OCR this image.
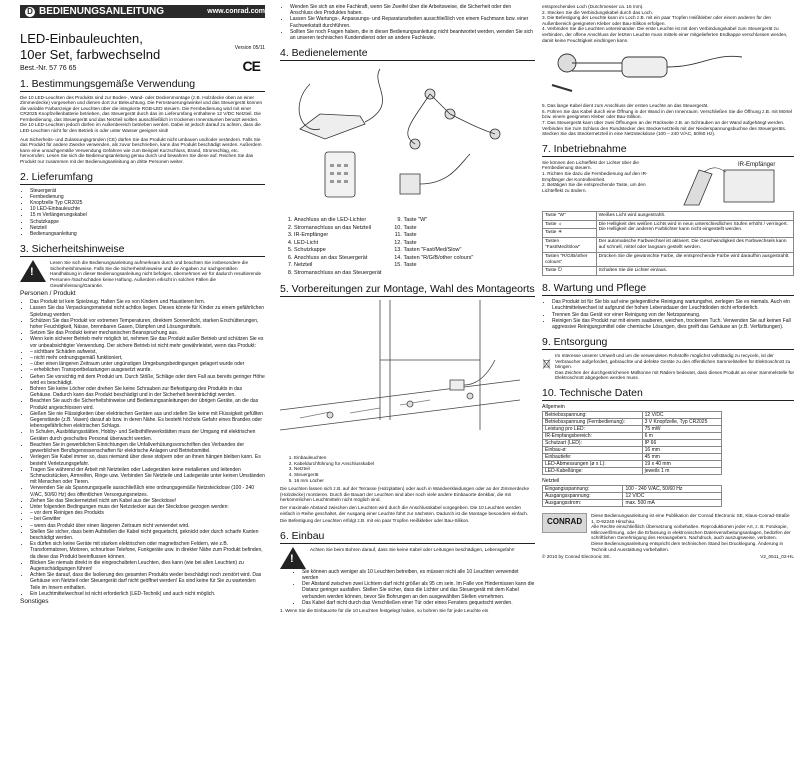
D BEDIENUNGSANLEITUNG	www.conrad.com
Version 05/11
CE
LED-Einbauleuchten,
10er Set, farbwechselnd
Best.-Nr. 57 76 65
1. Bestimmungsgemäße Verwendung
Die 10 LED-Leuchten des Produkts sind zur Boden-, Wand- oder Deckenmontage (z.B. Holzdecke oben an einer Zimmerdecke) vorgesehen und dienen dort zur Beleuchtung. Die Fernsteuerungswinkel und das Steuergerät können die variable Farbanzeige der Leuchten über die integrierte RGB-LED steuern. Die Fernbedienung wird mit einer CR2025 Knopfzellenbatterie betrieben, das Steuergerät durch das im Lieferumfang enthaltene 12 V/DC Netzteil. Die Fernbedienung, das Steuergerät und das Netzteil sollten ausschließlich in trockenen Innenräumen benutzt werden. Die 10 LED-Leuchten jedoch dürfen im Außenbereich betrieben werden. Dabei ist jedoch darauf zu achten, dass die LED-Leuchten nicht für den Betrieb in oder unter Wasser geeignet sind!
Aus Sicherheits- und Zulassungsgründen (CE) dürfen Sie das Produkt nicht umbauen und/oder verändern. Falls Sie das Produkt für andere Zwecke verwenden, als zuvor beschrieben, kann das Produkt beschädigt werden. Außerdem kann eine unsachgemäße Verwendung Gefahren wie zum Beispiel Kurzschluss, Brand, Stromschlag, etc. hervorrufen. Lesen Sie sich die Bedienungsanleitung genau durch und bewahren Sie diese auf. Reichen Sie das Produkt nur zusammen mit der Bedienungsanleitung an dritte Personen weiter.
2. Lieferumfang
• Steuergerät
• Fernbedienung
• Knopfzelle Typ CR2025
• 10 LED-Einbauleuchte
• 15 m Verlängerungskabel
• Schutzkappe
• Netzteil
• Bedienungsanleitung
3. Sicherheitshinweise
!
Lesen Sie sich die Bedienungsanleitung aufmerksam durch und beachten Sie insbesondere die Sicherheitshinweise. Falls Sie die Sicherheitshinweise und die Angaben zur sachgemäßen Handhabung in dieser Bedienungsanleitung nicht befolgen, übernehmen wir für dadurch resultierende Personen-/Sachschäden keine Haftung. Außerdem erlischt in solchen Fällen die Gewährleistung/Garantie.
Personen / Produkt
• Das Produkt ist kein Spielzeug. Halten Sie es von Kindern und Haustieren fern.
• Lassen Sie das Verpackungsmaterial nicht achtlos liegen. Dieses könnte für Kinder zu einem gefährlichen Spielzeug werden.
• Schützen Sie das Produkt vor extremen Temperaturen, direktem Sonnenlicht, starken Erschütterungen, hoher Feuchtigkeit, Nässe, brennbaren Gasen, Dämpfen und Lösungsmitteln.
• Setzen Sie das Produkt keiner mechanischen Beanspruchung aus.
• Wenn kein sicherer Betrieb mehr möglich ist, nehmen Sie das Produkt außer Betrieb und schützen Sie es vor unbeabsichtigter Verwendung. Der sichere Betrieb ist nicht mehr gewährleistet, wenn das Produkt:
• – sichtbare Schäden aufweist,
• – nicht mehr ordnungsgemäß funktioniert,
• – über einen längeren Zeitraum unter ungünstigen Umgebungsbedingungen gelagert wurde oder
• – erheblichen Transportbelastungen ausgesetzt wurde.
• Gehen Sie vorsichtig mit dem Produkt um. Durch Stöße, Schläge oder dem Fall aus bereits geringer Höhe wird es beschädigt.
• Bohren Sie keine Löcher oder drehen Sie keine Schrauben zur Befestigung des Produkts in das Gehäuse. Dadurch kann das Produkt beschädigt und in der Sicherheit beeinträchtigt werden.
• Beachten Sie auch die Sicherheitshinweise und Bedienungsanleitungen der übrigen Geräte, an die das Produkt angeschlossen wird.
• Gießen Sie nie Flüssigkeiten über elektrischen Geräten aus und stellen Sie keine mit Flüssigkeit gefüllten Gegenstände (z.B. Vasen) darauf ab bzw. in deren Nähe. Es besteht höchste Gefahr eines Brandes oder lebensgefährlichen elektrischen Schlags.
• In Schulen, Ausbildungsstätten, Hobby- und Selbsthilfewerkstätten muss der Umgang mit elektrischen Geräten durch geschultes Personal überwacht werden.
• Beachten Sie in gewerblichen Einrichtungen die Unfallverhütungsvorschriften des Verbandes der gewerblichen Berufsgenossenschaften für elektrische Anlagen und Betriebsmittel.
• Verlegen Sie Kabel immer so, dass niemand über diese stolpern oder an ihnen hängen bleiben kann. Es besteht Verletzungsgefahr.
• Tragen Sie während der Arbeit mit Netzteilen oder Ladegeräten keine metallenen und leitenden Schmuckstücken, Armreifen, Ringe usw. Verbinden Sie Netzteile und Ladegeräte unter keinen Umständen mit Menschen oder Tieren.
• Verwenden Sie als Spannungsquelle ausschließlich eine ordnungsgemäße Netzsteckdose (100 - 240 V/AC, 50/60 Hz) des öffentlichen Versorgungsnetzes.
• Ziehen Sie das Steckernetzteil nicht am Kabel aus der Steckdose!
• Unter folgenden Bedingungen muss der Netzstecker aus der Steckdose gezogen werden:
• – vor dem Reinigen des Produkts
• – bei Gewitter
• – wenn das Produkt über einen längeren Zeitraum nicht verwendet wird.
• Stellen Sie sicher, dass beim Aufstellen die Kabel nicht gequetscht, geknickt oder durch scharfe Kanten beschädigt werden.
• Es dürfen sich keine Geräte mit starken elektrischen oder magnetischen Feldern, wie z.B. Transformatoren, Motoren, schnurlose Telefone, Funkgeräte usw. in direkter Nähe zum Produkt befinden, da diese das Produkt beeinflussen können.
• Blicken Sie niemals direkt in die eingeschalteten Leuchten, dies kann (wie bei allen Leuchten) zu Augenschädigungen führen!
• Achten Sie darauf, dass die Isolierung des gesamten Produkts weder beschädigt noch zerstört wird. Das Gehäuse von Netzteil oder Steuergerät darf nicht geöffnet werden! Es sind keine für Sie zu wartenden Teile im Innern enthalten.
• Ein Leuchtmittelwechsel ist nicht erforderlich (LED-Technik) und auch nicht möglich.
Sonstiges
• Wenden Sie sich an eine Fachkraft, wenn Sie Zweifel über die Arbeitsweise, die Sicherheit oder den Anschluss des Produktes haben.
• Lassen Sie Wartungs-, Anpassungs- und Reparaturarbeiten ausschließlich von einem Fachmann bzw. einer Fachwerkstatt durchführen.
• Sollten Sie noch Fragen haben, die in dieser Bedienungsanleitung nicht beantwortet werden, wenden Sie sich an unseren technischen Kundendienst oder an andere Fachleute.
4. Bedienelemente
1. Anschluss an die LED-Lichter
2. Stromanschluss an das Netzteil
3. IR-Empfänger
4. LED-Licht
5. Schutzkappe
6. Anschluss an das Steuergerät
7. Netzteil
8. Stromanschluss an das Steuergerät
9. Taste "W"
10. Taste
11. Taste
12. Taste
13. Tasten "Fast/Med/Slow"
14. Tasten "R/G/B/other colours"
15. Taste
5. Vorbereitungen zur Montage, Wahl des Montageorts
1. Einbauleuchten
2. Kabeldurchführung für Anschlusskabel
3. Netzteil
4. Steuergerät
5. 16 mm Löcher
Die Leuchten lassen sich z.B. auf der Terrasse (Holzplatten) oder auch in Wandverkleidungen oder an der Zimmerdecke (Holzdecke) montieren. Durch die Bauart der Leuchten sind aber noch viele andere Einbauorte denkbar, die mit herkömmlichen Leuchtmitteln nicht möglich sind.
Der maximale Abstand zwischen den Leuchten wird durch die Anschlusskabel vorgegeben. Die 10 Leuchten werden einfach in Reihe geschaltet, der Ausgang einer Leuchte führt zur nächsten. Dadurch ist die Montage besonders einfach.
Die Befestigung der Leuchten erfolgt z.B. mit ein paar Tropfen Heißkleber oder Bau-Silikon.
6. Einbau
!
Achten Sie beim Bohren darauf, dass Sie keine Kabel oder Leitungen beschädigen, Lebensgefahr!
• Sie können auch weniger als 10 Leuchten betreiben, es müssen nicht alle 10 Leuchten verwendet werden
• Der Abstand zwischen zwei Lichtern darf nicht größer als 95 cm sein. Im Falle von Hindernissen kann die Distanz geringer ausfallen. Stellen Sie sicher, dass die Lichter und das Steuergerät mit dem Kabel verbunden werden können, bevor Sie Bohrungen an den ausgewählten Stellen vornehmen.
• Das Kabel darf nicht durch das Verschließen einer Tür oder eines Fensters gequetscht werden.
1. Wenn Sie die Einbauorte für die 10 Leuchten festgelegt haben, so bohren Sie für jede Leuchte ein
entsprechendes Loch (Durchmesser ca. 16 mm).
2. Stecken Sie die Verbindungskabel durch das Loch.
3. Die Befestigung der Leuchte kann im Loch z.B. mit ein paar Tropfen Heißkleber oder einem anderen für den Außenbereich geeigneten Kleber oder Bau-Silikon erfolgen.
4. Verbinden Sie die Leuchten untereinander. Die erste Leuchte ist mit dem Verbindungskabel zum Steuergerät zu verbinden, der offene Anschluss der letzten Leuchte muss mittels einer mitgelieferten Endkappe verschlossen werden, damit keine Feuchtigkeit eindringen kann.
5. Das lange Kabel dient zum Anschluss der ersten Leuchte an das Steuergerät.
6. Führen Sie das Kabel durch eine Öffnung in der Wand in den Innenraum. Verschließen Sie die Öffnung z.B. mit Mörtel bzw. einem geeigneten Kleber oder Bau-Silikon.
7. Das Steuergerät kann über zwei Öffnungen an der Rückseite z.B. an Schrauben an der Wand aufgehängt werden. Verbinden Sie zum Schluss den Rundstecker des Steckernetzteils mit der Niederspannungsbuchse des Steuergeräts. Stecken Sie das Steckernetzteil in eine Netzsteckdose (100 – 240 V/AC, 50/60 Hz).
7. Inbetriebnahme
Sie können den Lichteffekt der Lichter über die Fernbedienung steuern.
1. Richten Sie dazu die Fernbedienung auf den IR-Empfänger der Kontrolleinheit.
2. Betätigen Sie die entsprechende Taste, um den Lichteffekt zu ändern.
IR-Empfänger
Taste "W"	Weißes Licht wird ausgestrahlt.
Taste ☼	Die Helligkeit des weißen Lichts wird in neun unterschiedlichen Stufen erhöht / verringert. Die Helligkeit der anderen Farblichter kann nicht eingestellt werden.
Taste ☀	
Tasten "Fast/Med/Slow"	Der automatische Farbwechsel ist aktiviert. Die Geschwindigkeit des Farbwechsels kann auf schnell, mittel oder langsam gestellt werden.
Tasten "R/G/B/other colours"	Drücken Sie die gewünschte Farbe, die entsprechende Farbe wird daraufhin ausgestrahlt.
Taste ⏻	Schalten Sie die Lichter ein/aus.
8. Wartung und Pflege
• Das Produkt ist für Sie bis auf eine gelegentliche Reinigung wartungsfrei, zerlegen Sie es niemals. Auch ein Leuchtmittelwechsel ist aufgrund der hohen Lebensdauer der Leuchtdioden nicht erforderlich.
• Trennen Sie das Gerät vor einer Reinigung von der Netzspannung.
• Reinigen Sie das Produkt nur mit einem sauberen, weichen, trockenen Tuch. Verwenden Sie auf keinen Fall aggressive Reinigungsmittel oder chemische Lösungen, dies greift das Gehäuse an (z.B. Verfärbungen).
9. Entsorgung
Im Interesse unserer Umwelt und um die verwendeten Rohstoffe möglichst vollständig zu recyceln, ist der Verbraucher aufgefordert, gebrauchte und defekte Geräte zu den öffentlichen Sammelstellen für Elektroschrott zu bringen.
Das Zeichen der durchgestrichenen Mülltonne mit Rädern bedeutet, dass dieses Produkt an einer Sammelstelle für Elektroschrott abgegeben werden muss.
10. Technische Daten
Allgemein
Betriebsspannung:	12 V/DC
Betriebsspannung (Fernbedienung):	3 V Knopfzelle, Typ CR2025
Leistung pro LED:	75 mW
IR-Empfangsbereich:	6 m
Schutzart (LED):	IP 66
Einbau-ø:	16 mm
Einbautiefe:	45 mm
LED-Abmessungen (ø x L):	19 x 40 mm
LED-Kabellänge:	jeweils 1 m
Netzteil
Eingangsspannung:	100 - 240 V/AC, 50/60 Hz
Ausgangsspannung:	12 V/DC
Ausgangsstrom:	max. 500 mA
CONRAD
Diese Bedienungsanleitung ist eine Publikation der Conrad Electronic SE, Klaus-Conrad-Straße 1, D-92240 Hirschau.
Alle Rechte einschließlich Übersetzung vorbehalten. Reproduktionen jeder Art, z. B. Fotokopie, Mikroverfilmung, oder die Erfassung in elektronischen Datenverarbeitungsanlagen, bedürfen der schriftlichen Genehmigung des Herausgebers. Nachdruck, auch auszugsweise, verboten.
Diese Bedienungsanleitung entspricht dem technischen Stand bei Drucklegung. Änderung in Technik und Ausstattung vorbehalten.
© 2010 by Conrad Electronic SE.	V2_0511_02-HL
